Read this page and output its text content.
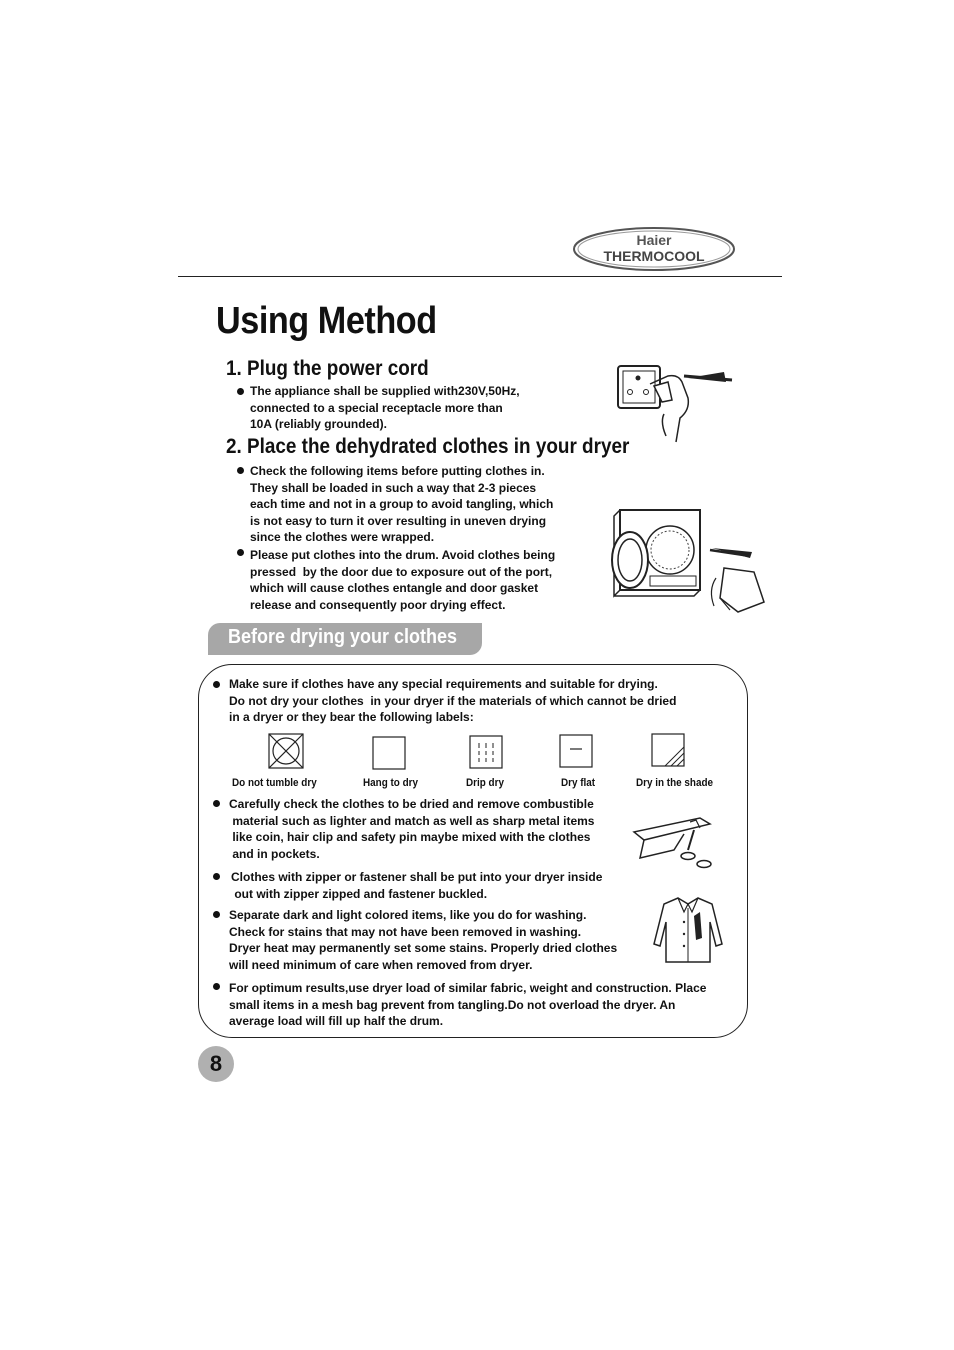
Haier
THERMOCOOL
Using Method
1. Plug the power cord
The appliance shall be supplied with230V,50Hz,
connected to a special receptacle more than
10A (reliably grounded).
2. Place the dehydrated clothes in your dryer
Check the following items before putting clothes in.
They shall be loaded in such a way that 2-3 pieces
each time and not in a group to avoid tangling, which
is not easy to turn it over resulting in uneven drying
since the clothes were wrapped.
Please put clothes into the drum. Avoid clothes being
pressed  by the door due to exposure out of the port,
which will cause clothes entangle and door gasket
release and consequently poor drying effect.
Before drying your clothes
Make sure if clothes have any special requirements and suitable for drying.
Do not dry your clothes  in your dryer if the materials of which cannot be dried
in a dryer or they bear the following labels:
Do not tumble dry	Hang to dry	Drip dry	Dry flat	Dry in the shade
Carefully check the clothes to be dried and remove combustible
material such as lighter and match as well as sharp metal items
like coin, hair clip and safety pin maybe mixed with the clothes
and in pockets.
Clothes with zipper or fastener shall be put into your dryer inside
out with zipper zipped and fastener buckled.
Separate dark and light colored items, like you do for washing.
Check for stains that may not have been removed in washing.
Dryer heat may permanently set some stains. Properly dried clothes
will need minimum of care when removed from dryer.
For optimum results,use dryer load of similar fabric, weight and construction. Place
small items in a mesh bag prevent from tangling.Do not overload the dryer. An
average load will fill up half the drum.
8
